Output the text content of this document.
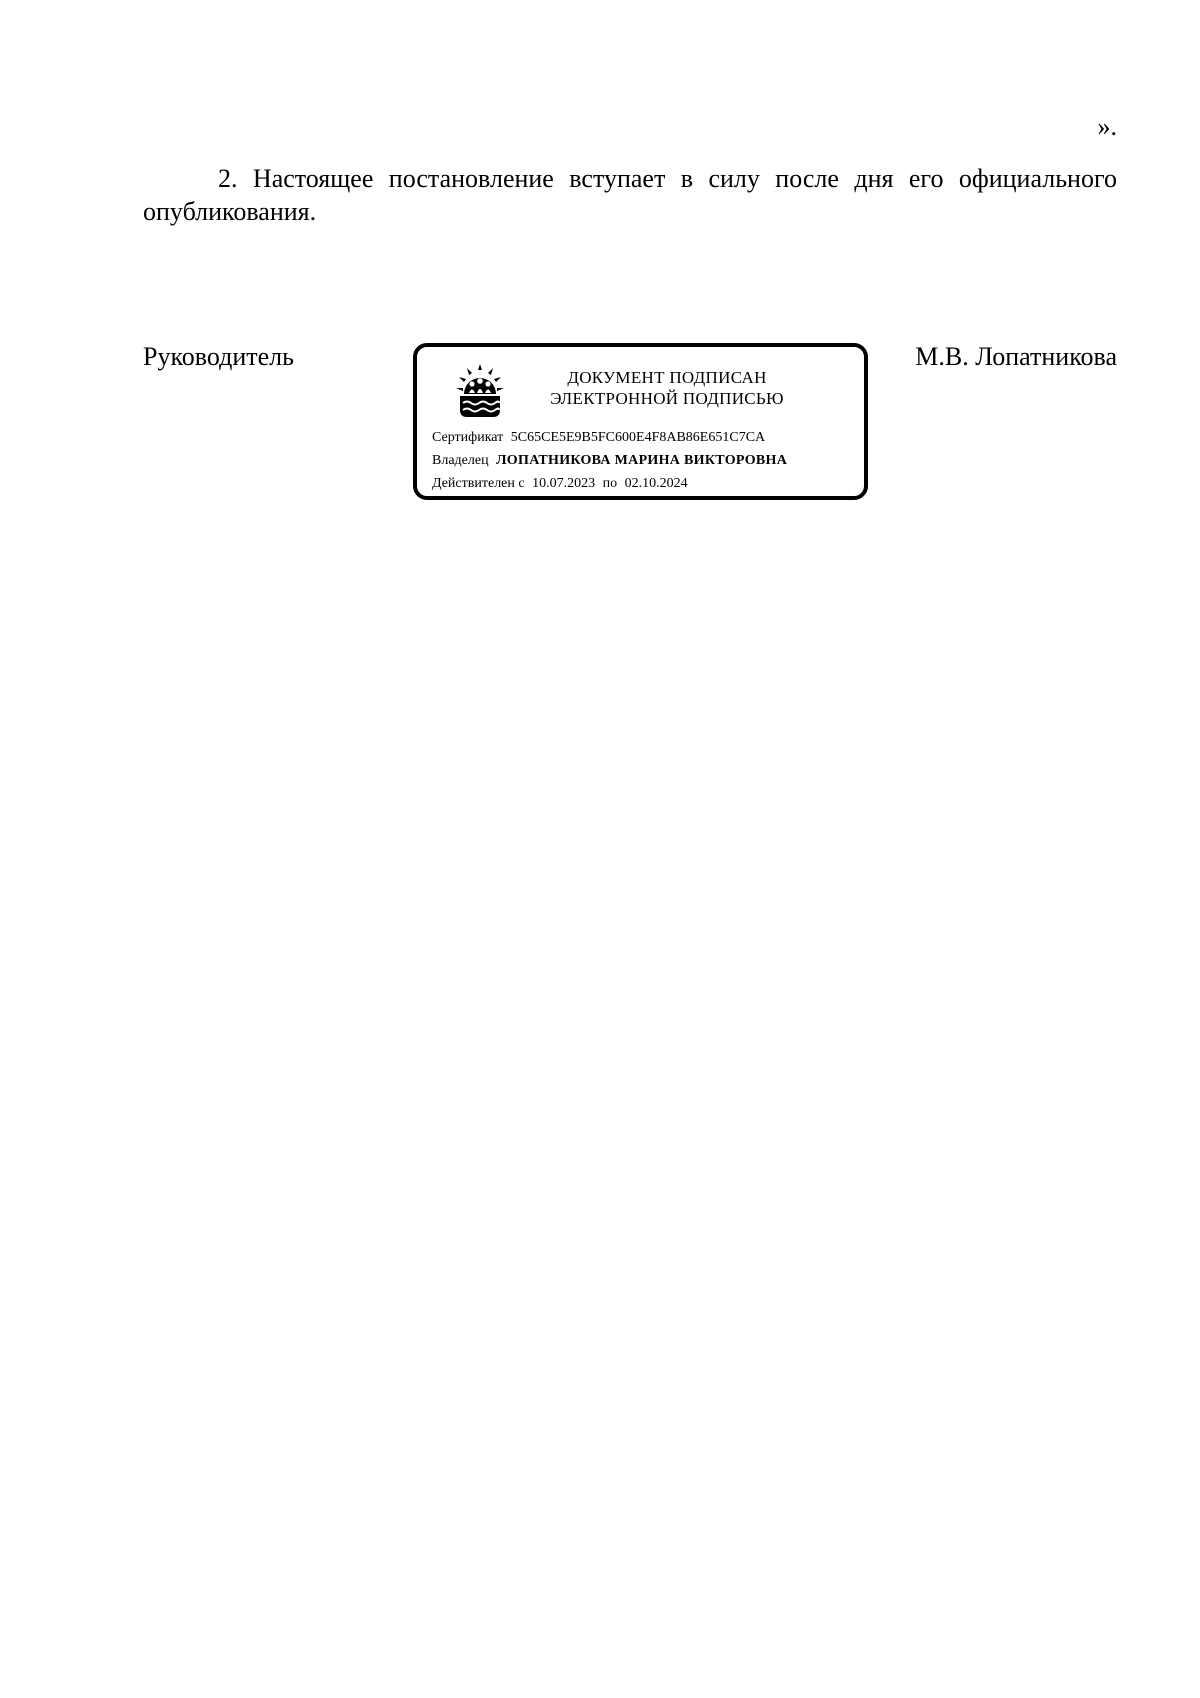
».

2. Настоящее постановление вступает в силу после дня его официального опубликования.

Руководитель
ДОКУМЕНТ ПОДПИСАН
ЭЛЕКТРОННОЙ ПОДПИСЬЮ
Сертификат 5C65CE5E9B5FC600E4F8AB86E651C7CA
Владелец ЛОПАТНИКОВА МАРИНА ВИКТОРОВНА
Действителен с 10.07.2023 по 02.10.2024
М.В. Лопатникова
